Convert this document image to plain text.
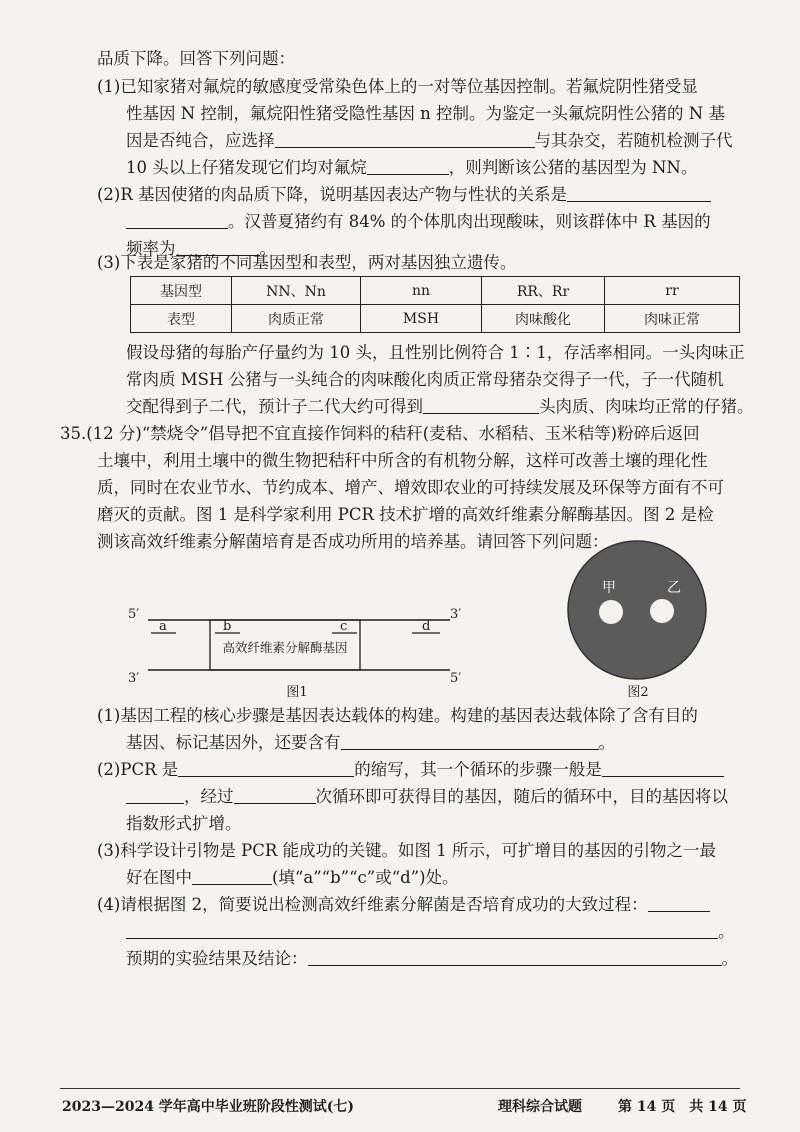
品质下降。回答下列问题：
(1)已知家猪对氟烷的敏感度受常染色体上的一对等位基因控制。若氟烷阴性猪受显
性基因 N 控制，氟烷阳性猪受隐性基因 n 控制。为鉴定一头氟烷阴性公猪的 N 基
因是否纯合，应选择	与其杂交，若随机检测子代
10 头以上仔猪发现它们均对氟烷	，则判断该公猪的基因型为 NN。
(2)R 基因使猪的肉品质下降，说明基因表达产物与性状的关系是
。汉普夏猪约有 84% 的个体肌肉出现酸味，则该群体中 R 基因的
频率为	。
(3)下表是家猪的不同基因型和表型，两对基因独立遗传。
基因型	NN、Nn	nn	RR、Rr	rr
表型	肉质正常	MSH	肉味酸化	肉味正常
假设母猪的每胎产仔量约为 10 头，且性别比例符合 1∶1，存活率相同。一头肉味正
常肉质 MSH 公猪与一头纯合的肉味酸化肉质正常母猪杂交得子一代，子一代随机
交配得到子二代，预计子二代大约可得到	头肉质、肉味均正常的仔猪。
35.(12 分)“禁烧令”倡导把不宜直接作饲料的秸秆(麦秸、水稻秸、玉米秸等)粉碎后返回
土壤中，利用土壤中的微生物把秸秆中所含的有机物分解，这样可改善土壤的理化性
质，同时在农业节水、节约成本、增产、增效即农业的可持续发展及环保等方面有不可
磨灭的贡献。图 1 是科学家利用 PCR 技术扩增的高效纤维素分解酶基因。图 2 是检
测该高效纤维素分解菌培育是否成功所用的培养基。请回答下列问题：
5′	3′
3′	5′
a	b	c	d
高效纤维素分解酶基因
图1
甲	乙
图2
(1)基因工程的核心步骤是基因表达载体的构建。构建的基因表达载体除了含有目的
基因、标记基因外，还要含有	。
(2)PCR 是	的缩写，其一个循环的步骤一般是
，经过	次循环即可获得目的基因，随后的循环中，目的基因将以
指数形式扩增。
(3)科学设计引物是 PCR 能成功的关键。如图 1 所示，可扩增目的基因的引物之一最
好在图中	(填“a”“b”“c”或“d”)处。
(4)请根据图 2，简要说出检测高效纤维素分解菌是否培育成功的大致过程：
。
预期的实验结果及结论：	。
2023—2024 学年高中毕业班阶段性测试(七)	理科综合试题	第 14 页　共 14 页
